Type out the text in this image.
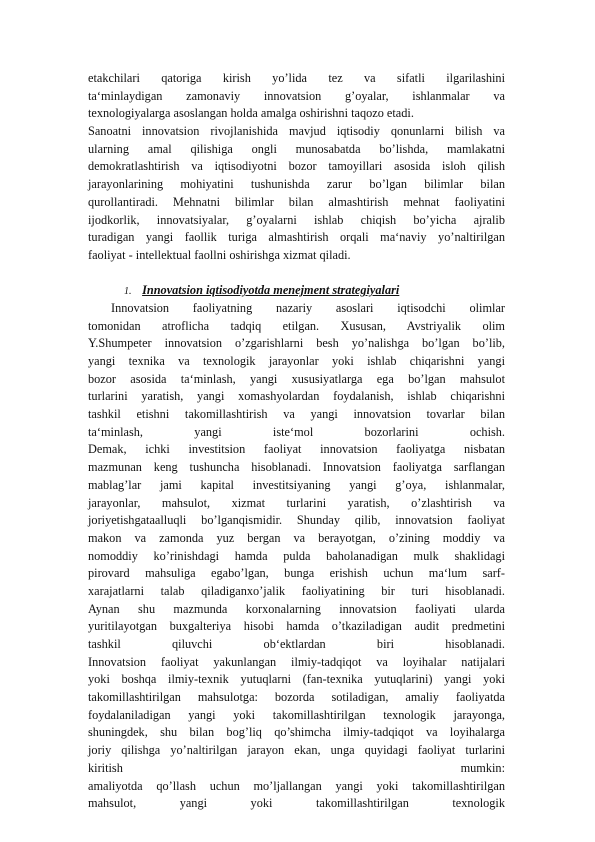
etakchilari qatoriga kirish yo’lida tez va sifatli ilgarilashini
ta‘minlaydigan zamonaviy innovatsion g’oyalar, ishlanmalar va
texnologiyalarga asoslangan holda amalga oshirishni taqozo etadi.
Sanoatni innovatsion rivojlanishida mavjud iqtisodiy qonunlarni bilish va
ularning amal qilishiga ongli munosabatda bo’lishda, mamlakatni
demokratlashtirish va iqtisodiyotni bozor tamoyillari asosida isloh qilish
jarayonlarining mohiyatini tushunishda zarur bo’lgan bilimlar bilan
qurollantiradi. Mehnatni bilimlar bilan almashtirish mehnat faoliyatini
ijodkorlik, innovatsiyalar, g’oyalarni ishlab chiqish bo’yicha ajralib
turadigan yangi faollik turiga almashtirish orqali ma‘naviy yo’naltirilgan
faoliyat - intellektual faollni oshirishga xizmat qiladi.
1. Innovatsion iqtisodiyotda menejment strategiyalari
Innovatsion faoliyatning nazariy asoslari iqtisodchi olimlar
tomonidan atroflicha tadqiq etilgan. Xususan, Avstriyalik olim
Y.Shumpeter innovatsion o’zgarishlarni besh yo’nalishga bo’lgan bo’lib,
yangi texnika va texnologik jarayonlar yoki ishlab chiqarishni yangi
bozor asosida ta‘minlash, yangi xususiyatlarga ega bo’lgan mahsulot
turlarini yaratish, yangi xomashyolardan foydalanish, ishlab chiqarishni
tashkil etishni takomillashtirish va yangi innovatsion tovarlar bilan
ta‘minlash, yangi iste‘mol bozorlarini ochish.
Demak, ichki investitsion faoliyat innovatsion faoliyatga nisbatan
mazmunan keng tushuncha hisoblanadi. Innovatsion faoliyatga sarflangan
mablag’lar jami kapital investitsiyaning yangi g’oya, ishlanmalar,
jarayonlar, mahsulot, xizmat turlarini yaratish, o’zlashtirish va
joriyetishgataalluqli bo’lganqismidir. Shunday qilib, innovatsion faoliyat
makon va zamonda yuz bergan va berayotgan, o’zining moddiy va
nomoddiy ko’rinishdagi hamda pulda baholanadigan mulk shaklidagi
pirovard mahsuliga egabo’lgan, bunga erishish uchun ma‘lum sarf-
xarajatlarni talab qiladiganxo’jalik faoliyatining bir turi hisoblanadi.
Aynan shu mazmunda korxonalarning innovatsion faoliyati ularda
yuritilayotgan buxgalteriya hisobi hamda o’tkaziladigan audit predmetini
tashkil qiluvchi ob‘ektlardan biri hisoblanadi.
Innovatsion faoliyat yakunlangan ilmiy-tadqiqot va loyihalar natijalari
yoki boshqa ilmiy-texnik yutuqlarni (fan-texnika yutuqlarini) yangi yoki
takomillashtirilgan mahsulotga: bozorda sotiladigan, amaliy faoliyatda
foydalaniladigan yangi yoki takomillashtirilgan texnologik jarayonga,
shuningdek, shu bilan bog’liq qo’shimcha ilmiy-tadqiqot va loyihalarga
joriy qilishga yo’naltirilgan jarayon ekan, unga quyidagi faoliyat turlarini
kiritish mumkin:
amaliyotda qo’llash uchun mo’ljallangan yangi yoki takomillashtirilgan
mahsulot, yangi yoki takomillashtirilgan texnologik
